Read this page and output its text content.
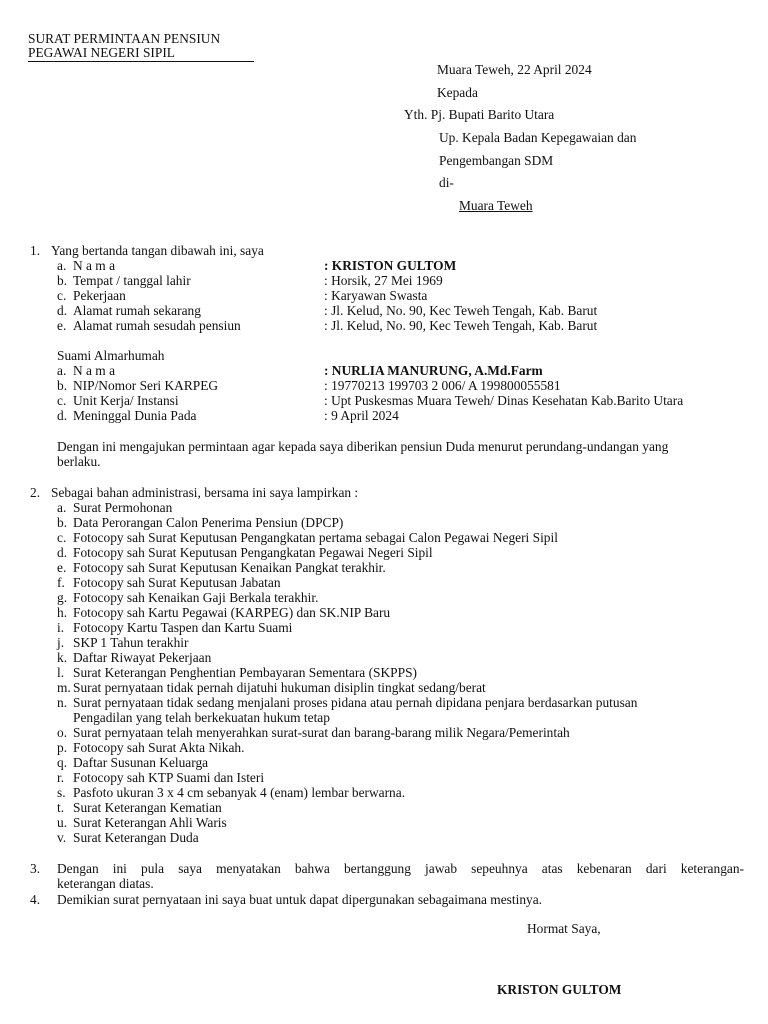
SURAT PERMINTAAN PENSIUN
PEGAWAI NEGERI SIPIL
Muara Teweh, 22 April 2024
Kepada
Yth. Pj. Bupati Barito Utara
Up. Kepala Badan Kepegawaian dan
Pengembangan SDM
di-
Muara Teweh
1. Yang bertanda tangan dibawah ini, saya
a. N a m a	: KRISTON GULTOM
b. Tempat / tanggal lahir	: Horsik, 27 Mei 1969
c. Pekerjaan	: Karyawan Swasta
d. Alamat rumah sekarang	: Jl. Kelud, No. 90, Kec Teweh Tengah, Kab. Barut
e. Alamat rumah sesudah pensiun	: Jl. Kelud, No. 90, Kec Teweh Tengah, Kab. Barut
Suami Almarhumah
a. N a m a	: NURLIA MANURUNG, A.Md.Farm
b. NIP/Nomor Seri KARPEG	: 19770213 199703 2 006/ A 199800055581
c. Unit Kerja/ Instansi	: Upt Puskesmas Muara Teweh/ Dinas Kesehatan Kab.Barito Utara
d. Meninggal Dunia Pada	: 9 April 2024
Dengan ini mengajukan permintaan agar kepada saya diberikan pensiun Duda menurut perundang-undangan yang
berlaku.
2. Sebagai bahan administrasi, bersama ini saya lampirkan :
a. Surat Permohonan
b. Data Perorangan Calon Penerima Pensiun (DPCP)
c. Fotocopy sah Surat Keputusan Pengangkatan pertama sebagai Calon Pegawai Negeri Sipil
d. Fotocopy sah Surat Keputusan Pengangkatan Pegawai Negeri Sipil
e. Fotocopy sah Surat Keputusan Kenaikan Pangkat terakhir.
f. Fotocopy sah Surat Keputusan Jabatan
g. Fotocopy sah Kenaikan Gaji Berkala terakhir.
h. Fotocopy sah Kartu Pegawai (KARPEG) dan SK.NIP Baru
i. Fotocopy Kartu Taspen dan Kartu Suami
j. SKP 1 Tahun terakhir
k. Daftar Riwayat Pekerjaan
l. Surat Keterangan Penghentian Pembayaran Sementara (SKPPS)
m. Surat pernyataan tidak pernah dijatuhi hukuman disiplin tingkat sedang/berat
n. Surat pernyataan tidak sedang menjalani proses pidana atau pernah dipidana penjara berdasarkan putusan
Pengadilan yang telah berkekuatan hukum tetap
o. Surat pernyataan telah menyerahkan surat-surat dan barang-barang milik Negara/Pemerintah
p. Fotocopy sah Surat Akta Nikah.
q. Daftar Susunan Keluarga
r. Fotocopy sah KTP Suami dan Isteri
s. Pasfoto ukuran 3 x 4 cm sebanyak 4 (enam) lembar berwarna.
t. Surat Keterangan Kematian
u. Surat Keterangan Ahli Waris
v. Surat Keterangan Duda
3. Dengan ini pula saya menyatakan bahwa bertanggung jawab sepeuhnya atas kebenaran dari keterangan-
keterangan diatas.
4. Demikian surat pernyataan ini saya buat untuk dapat dipergunakan sebagaimana mestinya.
Hormat Saya,
KRISTON GULTOM
